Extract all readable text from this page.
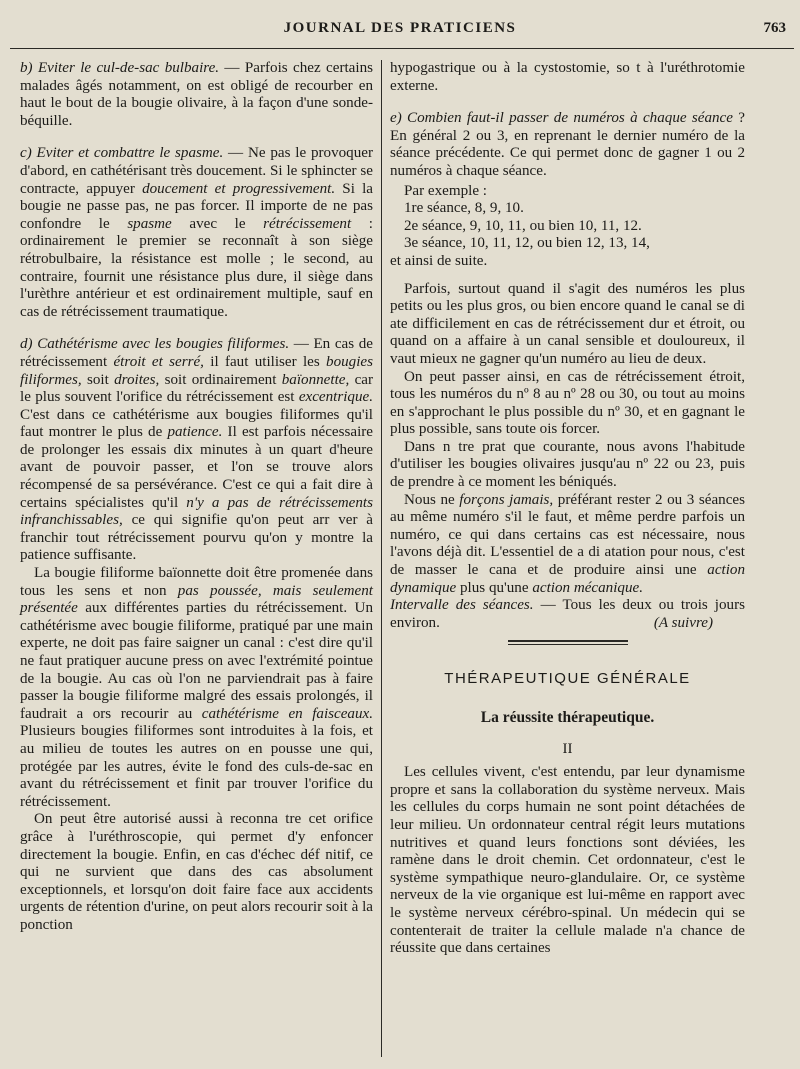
JOURNAL DES PRATICIENS	763

b) Eviter le cul-de-sac bulbaire. — Parfois chez certains malades âgés notamment, on est obligé de recourber en haut le bout de la bougie olivaire, à la façon d'une sonde-béquille.

c) Eviter et combattre le spasme. — Ne pas le provoquer d'abord, en cathétérisant très doucement. Si le sphincter se contracte, appuyer doucement et progressivement. Si la bougie ne passe pas, ne pas forcer. Il importe de ne pas confondre le spasme avec le rétrécissement : ordinairement le premier se reconnaît à son siège rétrobulbaire, la résistance est molle ; le second, au contraire, fournit une résistance plus dure, il siège dans l'urèthre antérieur et est ordinairement multiple, sauf en cas de rétrécissement traumatique.

d) Cathétérisme avec les bougies filiformes. — En cas de rétrécissement étroit et serré, il faut utiliser les bougies filiformes, soit droites, soit ordinairement baïonnette, car le plus souvent l'orifice du rétrécissement est excentrique. C'est dans ce cathétérisme aux bougies filiformes qu'il faut montrer le plus de patience. Il est parfois nécessaire de prolonger les essais dix minutes à un quart d'heure avant de pouvoir passer, et l'on se trouve alors récompensé de sa persévérance. C'est ce qui a fait dire à certains spécialistes qu'il n'y a pas de rétrécissements infranchissables, ce qui signifie qu'on peut arr ver à franchir tout rétrécissement pourvu qu'on y montre la patience suffisante.

La bougie filiforme baïonnette doit être promenée dans tous les sens et non pas poussée, mais seulement présentée aux différentes parties du rétrécissement. Un cathétérisme avec bougie filiforme, pratiqué par une main experte, ne doit pas faire saigner un canal : c'est dire qu'il ne faut pratiquer aucune press on avec l'extrémité pointue de la bougie. Au cas où l'on ne parviendrait pas à faire passer la bougie filiforme malgré des essais prolongés, il faudrait a ors recourir au cathétérisme en faisceaux. Plusieurs bougies filiformes sont introduites à la fois, et au milieu de toutes les autres on en pousse une qui, protégée par les autres, évite le fond des culs-de-sac en avant du rétrécissement et finit par trouver l'orifice du rétrécissement.

On peut être autorisé aussi à reconna tre cet orifice grâce à l'uréthroscopie, qui permet d'y enfoncer directement la bougie. Enfin, en cas d'échec déf nitif, ce qui ne survient que dans des cas absolument exceptionnels, et lorsqu'on doit faire face aux accidents urgents de rétention d'urine, on peut alors recourir soit à la ponction

hypogastrique ou à la cystostomie, so t à l'uréthrotomie externe.

e) Combien faut-il passer de numéros à chaque séance ? En général 2 ou 3, en reprenant le dernier numéro de la séance précédente. Ce qui permet donc de gagner 1 ou 2 numéros à chaque séance.

Par exemple :

1re séance, 8, 9, 10.

2e séance, 9, 10, 11, ou bien 10, 11, 12.

3e séance, 10, 11, 12, ou bien 12, 13, 14,

et ainsi de suite.

Parfois, surtout quand il s'agit des numéros les plus petits ou les plus gros, ou bien encore quand le canal se di ate difficilement en cas de rétrécissement dur et étroit, ou quand on a affaire à un canal sensible et douloureux, il vaut mieux ne gagner qu'un numéro au lieu de deux.

On peut passer ainsi, en cas de rétrécissement étroit, tous les numéros du nº 8 au nº 28 ou 30, ou tout au moins en s'approchant le plus possible du nº 30, et en gagnant le plus possible, sans toute ois forcer.

Dans n tre prat que courante, nous avons l'habitude d'utiliser les bougies olivaires jusqu'au nº 22 ou 23, puis de prendre à ce moment les béniqués.

Nous ne forçons jamais, préférant rester 2 ou 3 séances au même numéro s'il le faut, et même perdre parfois un numéro, ce qui dans certains cas est nécessaire, nous l'avons déjà dit. L'essentiel de a di atation pour nous, c'est de masser le cana et de produire ainsi une action dynamique plus qu'une action mécanique.

Intervalle des séances. — Tous les deux ou trois jours environ.	(A suivre)

THÉRAPEUTIQUE GÉNÉRALE
La réussite thérapeutique.
II

Les cellules vivent, c'est entendu, par leur dynamisme propre et sans la collaboration du système nerveux. Mais les cellules du corps humain ne sont point détachées de leur milieu. Un ordonnateur central régit leurs mutations nutritives et quand leurs fonctions sont déviées, les ramène dans le droit chemin. Cet ordonnateur, c'est le système sympathique neuro-glandulaire. Or, ce système nerveux de la vie organique est lui-même en rapport avec le système nerveux cérébro-spinal. Un médecin qui se contenterait de traiter la cellule malade n'a chance de réussite que dans certaines
